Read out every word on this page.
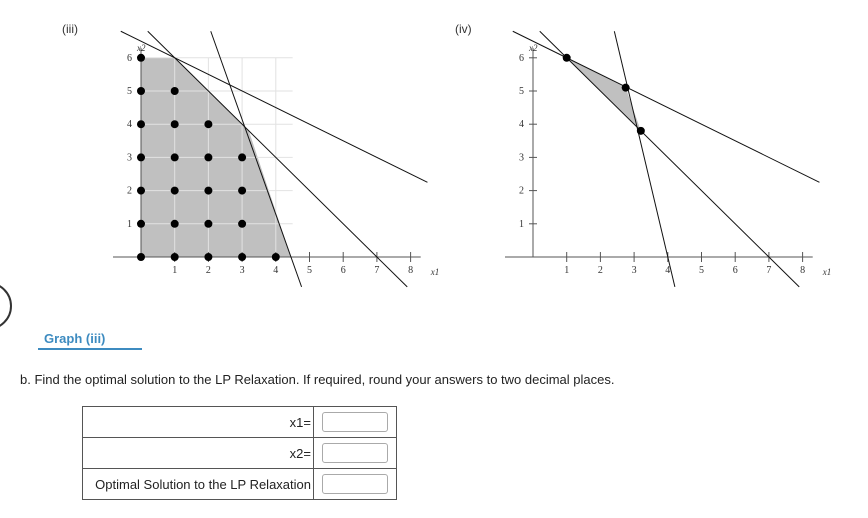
(iii)	(iv)
1	2	3	4	5	6	7	8
1
2
3
4
5
6
x1
x2
1	2	3	4	5	6	7	8
1
2
3
4
5
6
x1
x2
Graph (iii)
b. Find the optimal solution to the LP Relaxation. If required, round your answers to two decimal places.
x1=	
x2=	
Optimal Solution to the LP Relaxation	
